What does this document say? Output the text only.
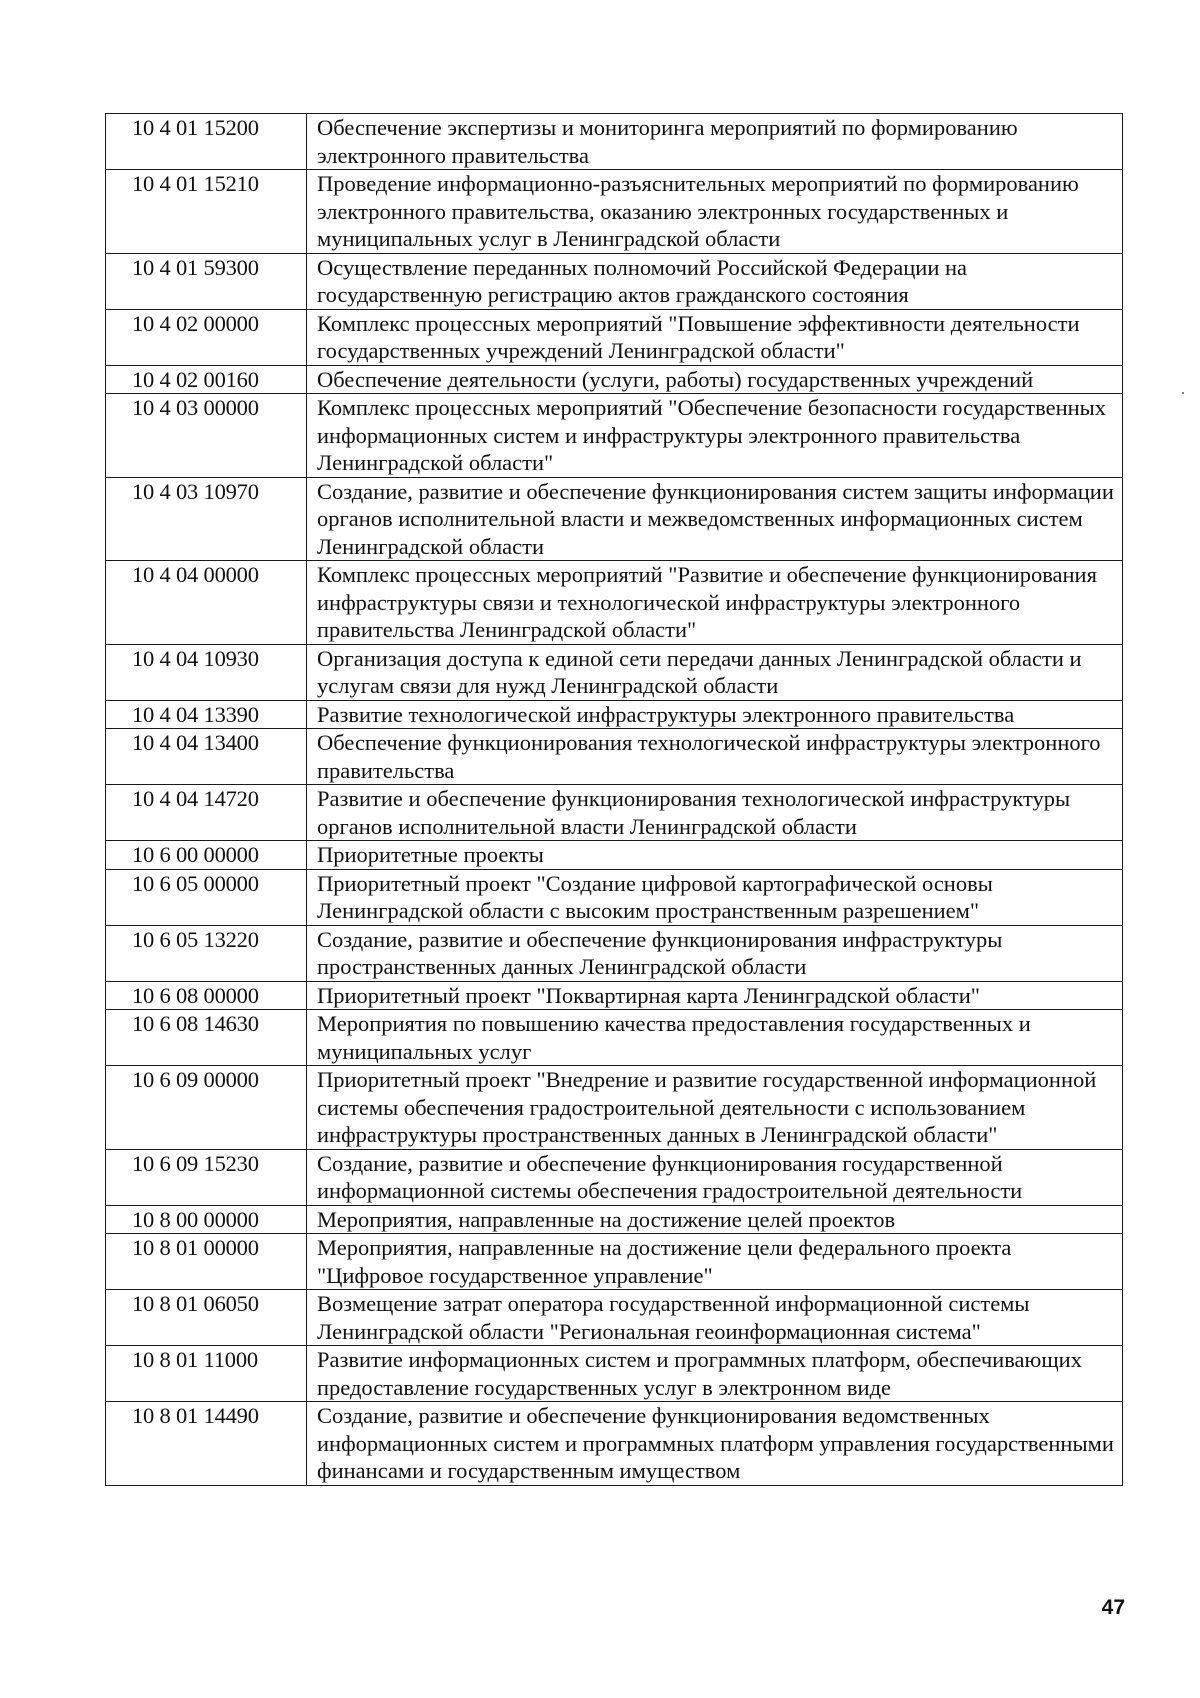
10 4 01 15200	Обеспечение экспертизы и мониторинга мероприятий по формированию электронного правительства
10 4 01 15210	Проведение информационно-разъяснительных мероприятий по формированию электронного правительства, оказанию электронных государственных и муниципальных услуг в Ленинградской области
10 4 01 59300	Осуществление переданных полномочий Российской Федерации на государственную регистрацию актов гражданского состояния
10 4 02 00000	Комплекс процессных мероприятий "Повышение эффективности деятельности государственных учреждений Ленинградской области"
10 4 02 00160	Обеспечение деятельности (услуги, работы) государственных учреждений
10 4 03 00000	Комплекс процессных мероприятий "Обеспечение безопасности государственных информационных систем и инфраструктуры электронного правительства Ленинградской области"
10 4 03 10970	Создание, развитие и обеспечение функционирования систем защиты информации органов исполнительной власти и межведомственных информационных систем Ленинградской области
10 4 04 00000	Комплекс процессных мероприятий "Развитие и обеспечение функционирования инфраструктуры связи и технологической инфраструктуры электронного правительства Ленинградской области"
10 4 04 10930	Организация доступа к единой сети передачи данных Ленинградской области и услугам связи для нужд Ленинградской области
10 4 04 13390	Развитие технологической инфраструктуры электронного правительства
10 4 04 13400	Обеспечение функционирования технологической инфраструктуры электронного правительства
10 4 04 14720	Развитие и обеспечение функционирования технологической инфраструктуры органов исполнительной власти Ленинградской области
10 6 00 00000	Приоритетные проекты
10 6 05 00000	Приоритетный проект "Создание цифровой картографической основы Ленинградской области с высоким пространственным разрешением"
10 6 05 13220	Создание, развитие и обеспечение функционирования инфраструктуры пространственных данных Ленинградской области
10 6 08 00000	Приоритетный проект "Поквартирная карта Ленинградской области"
10 6 08 14630	Мероприятия по повышению качества предоставления государственных и муниципальных услуг
10 6 09 00000	Приоритетный проект "Внедрение и развитие государственной информационной системы обеспечения градостроительной деятельности с использованием инфраструктуры пространственных данных в Ленинградской области"
10 6 09 15230	Создание, развитие и обеспечение функционирования государственной информационной системы обеспечения градостроительной деятельности
10 8 00 00000	Мероприятия, направленные на достижение целей проектов
10 8 01 00000	Мероприятия, направленные на достижение цели федерального проекта "Цифровое государственное управление"
10 8 01 06050	Возмещение затрат оператора государственной информационной системы Ленинградской области "Региональная геоинформационная система"
10 8 01 11000	Развитие информационных систем и программных платформ, обеспечивающих предоставление государственных услуг в электронном виде
10 8 01 14490	Создание, развитие и обеспечение функционирования ведомственных информационных систем и программных платформ управления государственными финансами и государственным имуществом
47
